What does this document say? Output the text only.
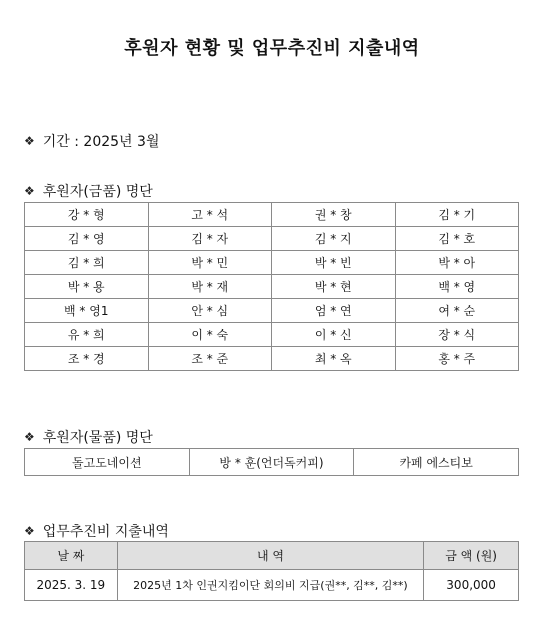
후원자 현황 및 업무추진비 지출내역
❖ 기간 : 2025년 3월
❖ 후원자(금품) 명단
강 * 형	고 * 석	권 * 창	김 * 기
김 * 영	김 * 자	김 * 지	김 * 호
김 * 희	박 * 민	박 * 빈	박 * 아
박 * 용	박 * 재	박 * 현	백 * 영
백 * 영1	안 * 심	엄 * 연	여 * 순
유 * 희	이 * 숙	이 * 신	장 * 식
조 * 경	조 * 준	최 * 옥	홍 * 주
❖ 후원자(물품) 명단
돌고도네이션	방 * 훈(언더독커피)	카페 에스티보
❖ 업무추진비 지출내역
날 짜	내 역	금 액 (원)
2025. 3. 19	2025년 1차 인권지킴이단 회의비 지급(권**, 김**, 김**)	300,000
